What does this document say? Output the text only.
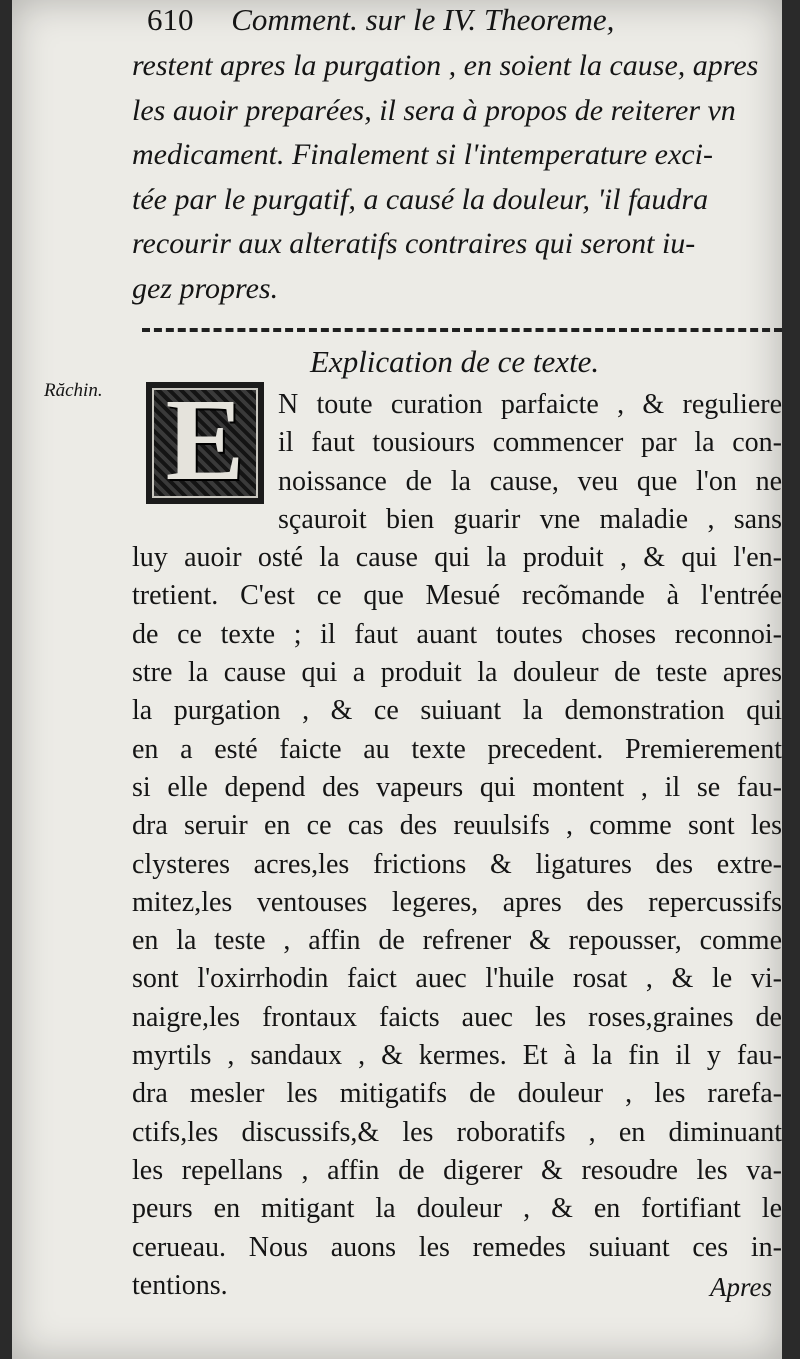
610 Comment. sur le IV. Theoreme,
restent apres la purgation , en soient la cause, apres
les auoir preparées, il sera à propos de reiterer vn
medicament. Finalement si l'intemperature exci-
tée par le purgatif, a causé la douleur, 'il faudra
recourir aux alteratifs contraires qui seront iu-
gez propres.
Explication de ce texte.
Răchin. E	N toute curation parfaicte , & reguliere
il faut tousiours commencer par la con-
noissance de la cause, veu que l'on ne
sçauroit bien guarir vne maladie , sans
luy auoir osté la cause qui la produit , & qui l'en-
tretient. C'est ce que Mesué recõmande à l'entrée
de ce texte ; il faut auant toutes choses reconnoi-
stre la cause qui a produit la douleur de teste apres
la purgation , & ce suiuant la demonstration qui
en a esté faicte au texte precedent. Premierement
si elle depend des vapeurs qui montent , il se fau-
dra seruir en ce cas des reuulsifs , comme sont les
clysteres acres,les frictions & ligatures des extre-
mitez,les ventouses legeres, apres des repercussifs
en la teste , affin de refrener & repousser, comme
sont l'oxirrhodin faict auec l'huile rosat , & le vi-
naigre,les frontaux faicts auec les roses,graines de
myrtils , sandaux , & kermes. Et à la fin il y fau-
dra mesler les mitigatifs de douleur , les rarefa-
ctifs,les discussifs,& les roboratifs , en diminuant
les repellans , affin de digerer & resoudre les va-
peurs en mitigant la douleur , & en fortifiant le
cerueau. Nous auons les remedes suiuant ces in-
tentions.	Apres
